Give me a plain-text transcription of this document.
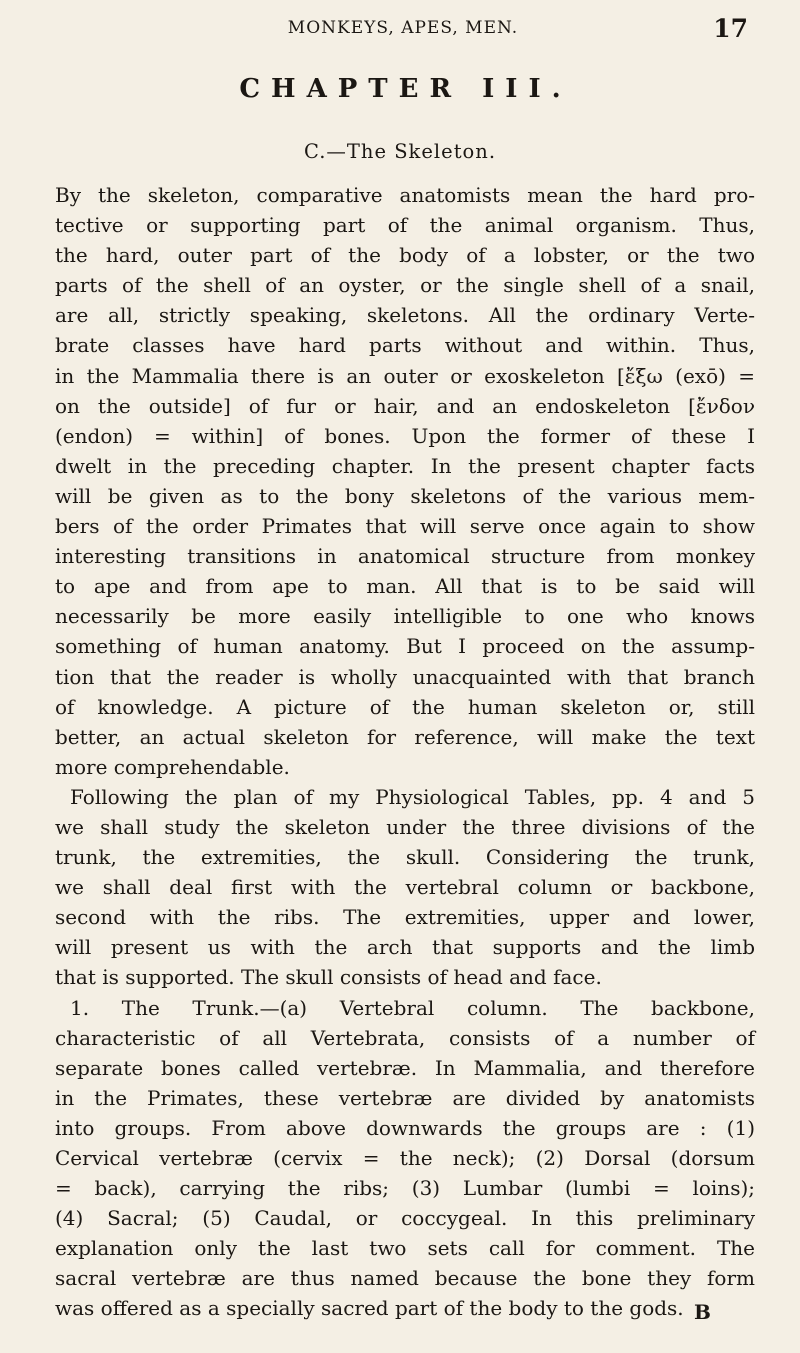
MONKEYS, APES, MEN.	17
CHAPTER III.
C.—The Skeleton.
By the skeleton, comparative anatomists mean the hard pro-
tective or supporting part of the animal organism. Thus,
the hard, outer part of the body of a lobster, or the two
parts of the shell of an oyster, or the single shell of a snail,
are all, strictly speaking, skeletons. All the ordinary Verte-
brate classes have hard parts without and within. Thus,
in the Mammalia there is an outer or exoskeleton [ἔξω (exō) =
on the outside] of fur or hair, and an endoskeleton [ἔνδον
(endon) = within] of bones. Upon the former of these I
dwelt in the preceding chapter. In the present chapter facts
will be given as to the bony skeletons of the various mem-
bers of the order Primates that will serve once again to show
interesting transitions in anatomical structure from monkey
to ape and from ape to man. All that is to be said will
necessarily be more easily intelligible to one who knows
something of human anatomy. But I proceed on the assump-
tion that the reader is wholly unacquainted with that branch
of knowledge. A picture of the human skeleton or, still
better, an actual skeleton for reference, will make the text
more comprehendable.
Following the plan of my Physiological Tables, pp. 4 and 5
we shall study the skeleton under the three divisions of the
trunk, the extremities, the skull. Considering the trunk,
we shall deal first with the vertebral column or backbone,
second with the ribs. The extremities, upper and lower,
will present us with the arch that supports and the limb
that is supported. The skull consists of head and face.
1. The Trunk.—(a) Vertebral column. The backbone,
characteristic of all Vertebrata, consists of a number of
separate bones called vertebræ. In Mammalia, and therefore
in the Primates, these vertebræ are divided by anatomists
into groups. From above downwards the groups are : (1)
Cervical vertebræ (cervix = the neck); (2) Dorsal (dorsum
= back), carrying the ribs; (3) Lumbar (lumbi = loins);
(4) Sacral; (5) Caudal, or coccygeal. In this preliminary
explanation only the last two sets call for comment. The
sacral vertebræ are thus named because the bone they form
was offered as a specially sacred part of the body to the gods. B
